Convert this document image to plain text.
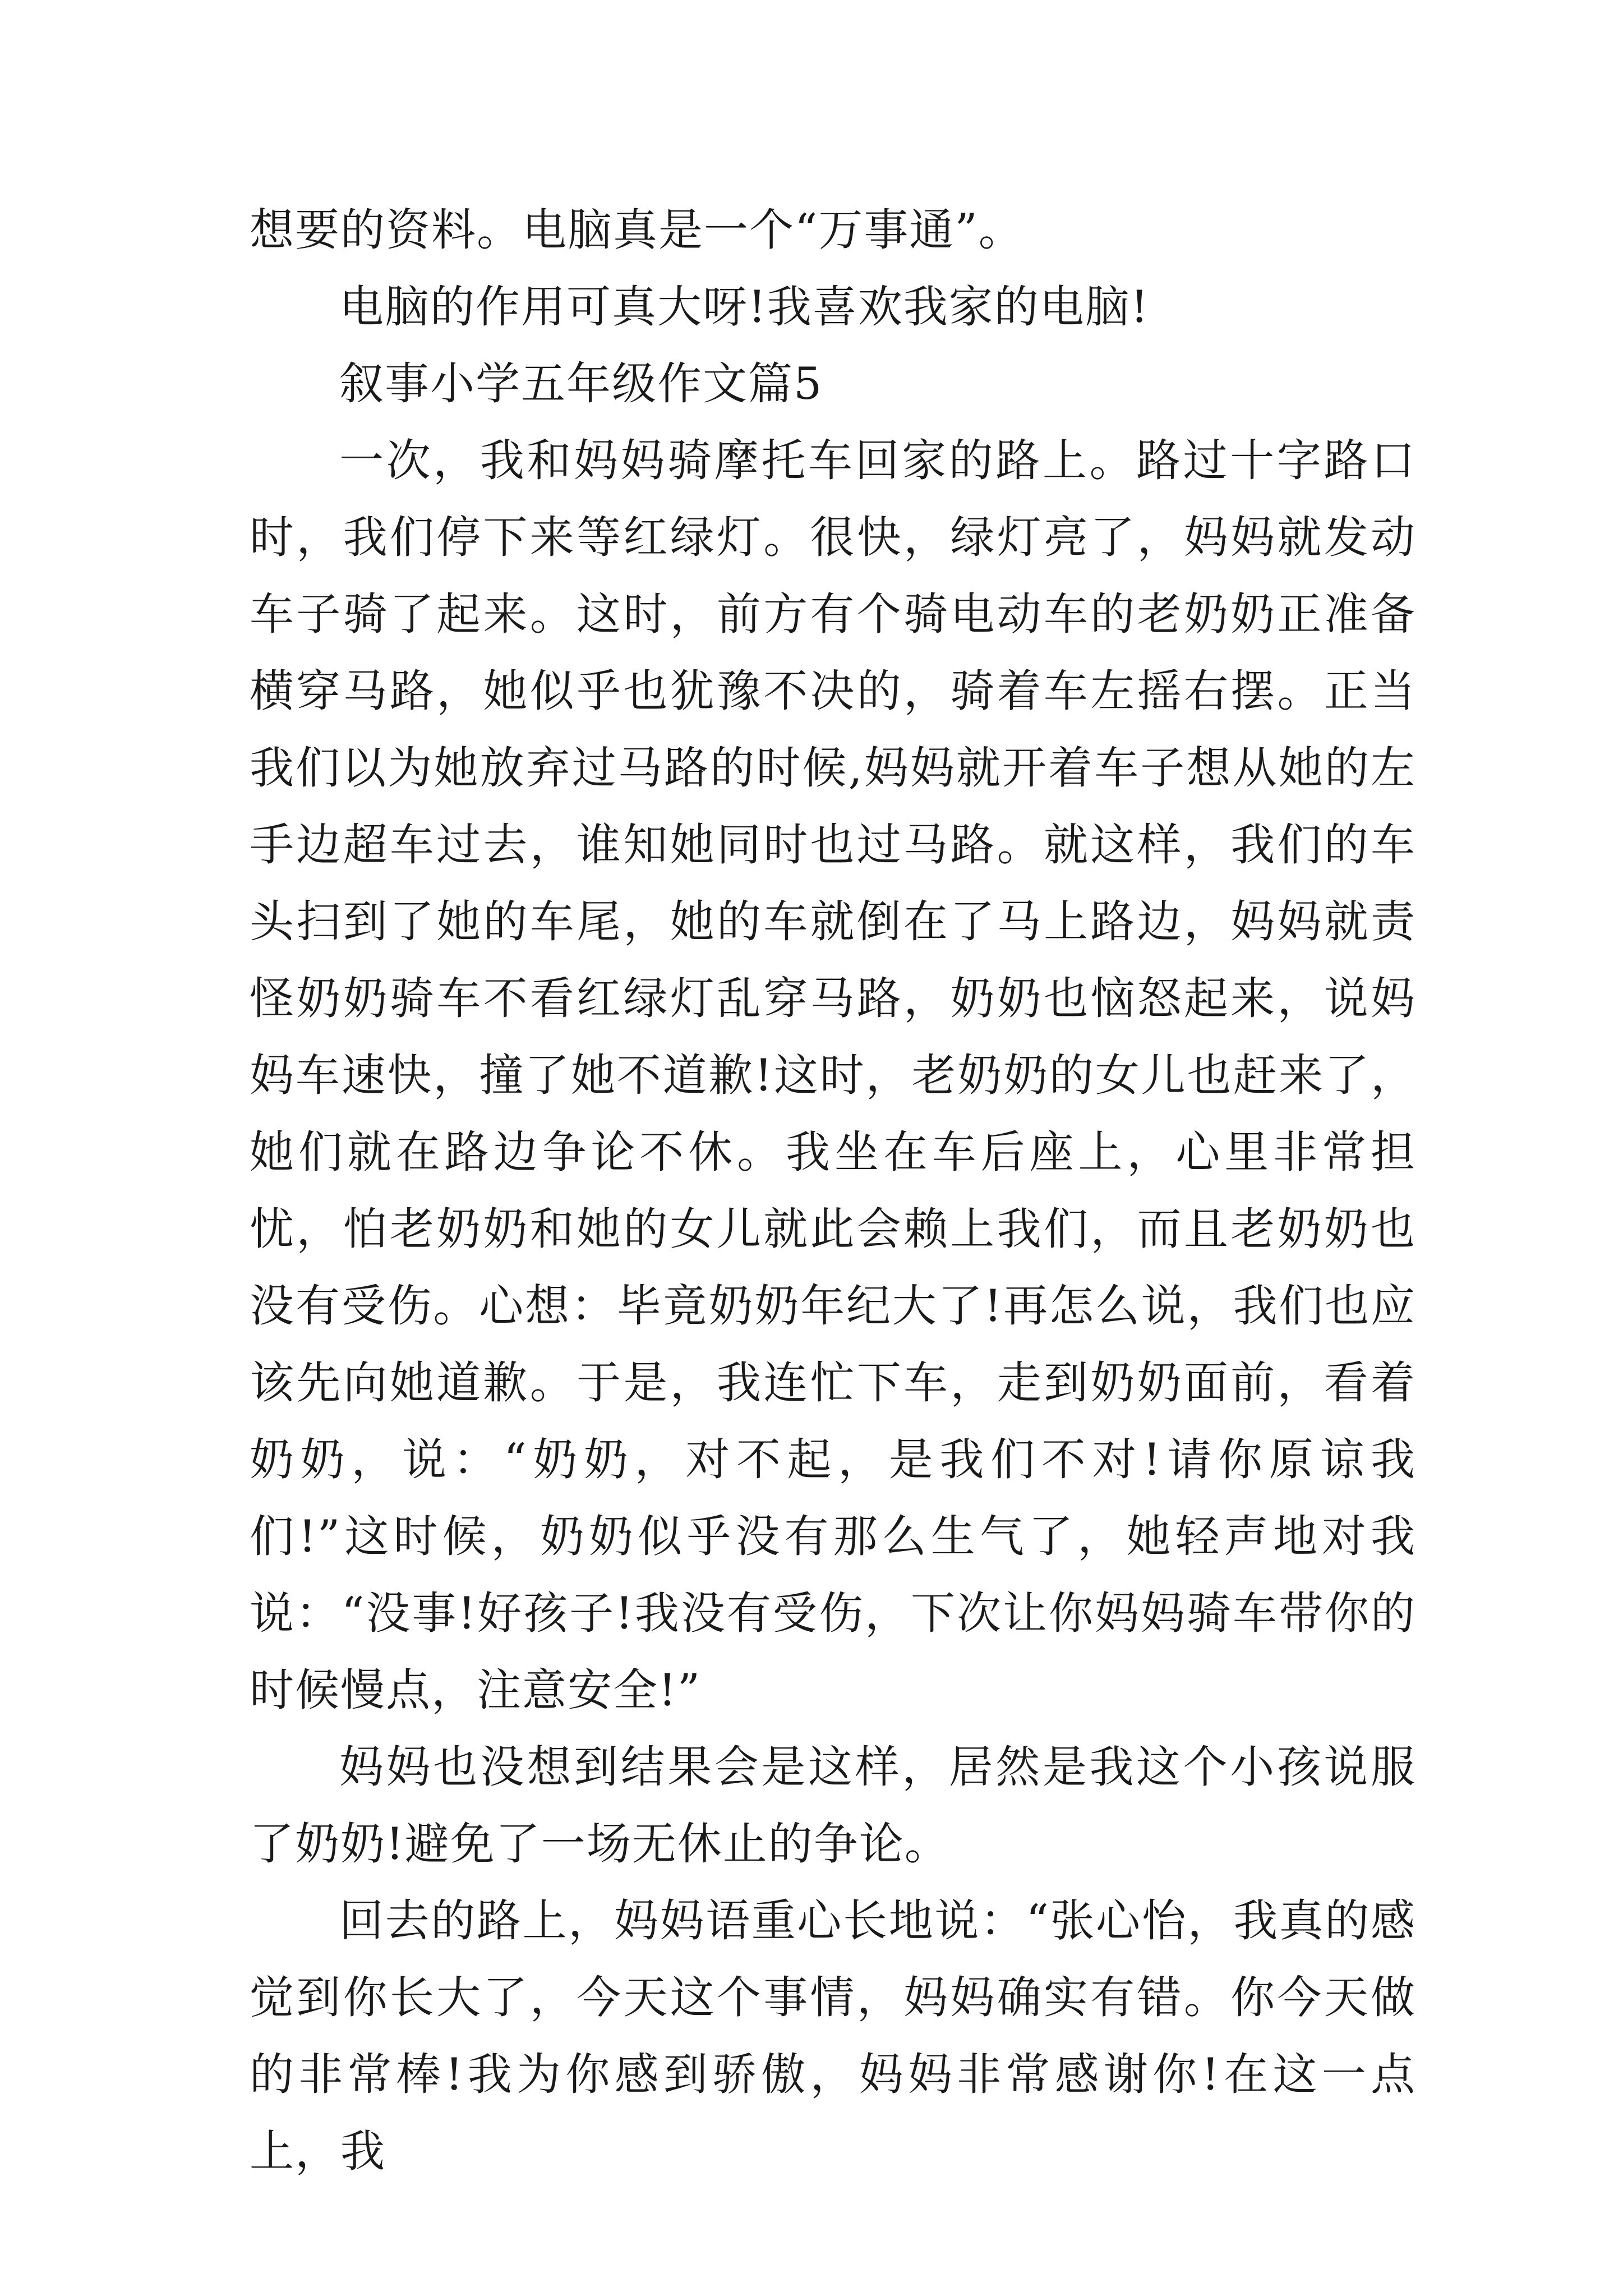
想要的资料。电脑真是一个“万事通”。

电脑的作用可真大呀!我喜欢我家的电脑!

叙事小学五年级作文篇5

一次，我和妈妈骑摩托车回家的路上。路过十字路口时，我们停下来等红绿灯。很快，绿灯亮了，妈妈就发动车子骑了起来。这时，前方有个骑电动车的老奶奶正准备横穿马路，她似乎也犹豫不决的，骑着车左摇右摆。正当我们以为她放弃过马路的时候,妈妈就开着车子想从她的左手边超车过去，谁知她同时也过马路。就这样，我们的车头扫到了她的车尾，她的车就倒在了马上路边，妈妈就责怪奶奶骑车不看红绿灯乱穿马路，奶奶也恼怒起来，说妈妈车速快，撞了她不道歉!这时，老奶奶的女儿也赶来了，她们就在路边争论不休。我坐在车后座上，心里非常担忧，怕老奶奶和她的女儿就此会赖上我们，而且老奶奶也没有受伤。心想：毕竟奶奶年纪大了!再怎么说，我们也应该先向她道歉。于是，我连忙下车，走到奶奶面前，看着奶奶，说：“奶奶，对不起，是我们不对!请你原谅我们!”这时候，奶奶似乎没有那么生气了，她轻声地对我说：“没事!好孩子!我没有受伤，下次让你妈妈骑车带你的时候慢点，注意安全!”

妈妈也没想到结果会是这样，居然是我这个小孩说服了奶奶!避免了一场无休止的争论。

回去的路上，妈妈语重心长地说：“张心怡，我真的感觉到你长大了，今天这个事情，妈妈确实有错。你今天做的非常棒!我为你感到骄傲，妈妈非常感谢你!在这一点上，我
